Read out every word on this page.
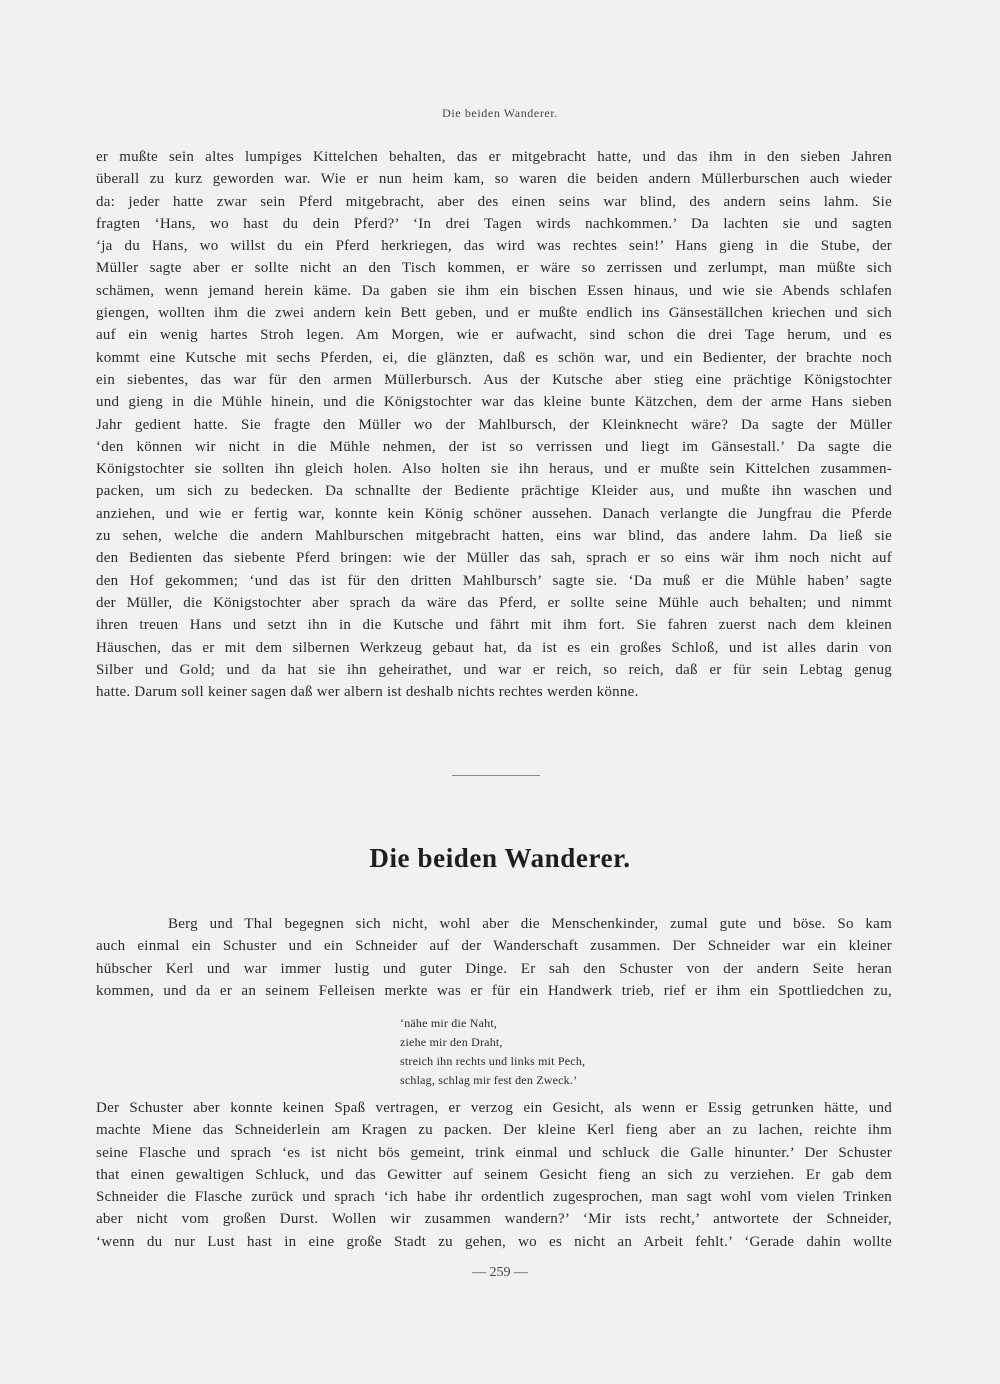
Die beiden Wanderer.
er mußte sein altes lumpiges Kittelchen behalten, das er mitgebracht hatte, und das ihm in den sieben Jahren
überall zu kurz geworden war. Wie er nun heim kam, so waren die beiden andern Müllerburschen auch wieder
da: jeder hatte zwar sein Pferd mitgebracht, aber des einen seins war blind, des andern seins lahm. Sie
fragten ‘Hans, wo hast du dein Pferd?’ ‘In drei Tagen wirds nachkommen.’ Da lachten sie und sagten
‘ja du Hans, wo willst du ein Pferd herkriegen, das wird was rechtes sein!’ Hans gieng in die Stube, der
Müller sagte aber er sollte nicht an den Tisch kommen, er wäre so zerrissen und zerlumpt, man müßte sich
schämen, wenn jemand herein käme. Da gaben sie ihm ein bischen Essen hinaus, und wie sie Abends schlafen
giengen, wollten ihm die zwei andern kein Bett geben, und er mußte endlich ins Gänseställchen kriechen und sich
auf ein wenig hartes Stroh legen. Am Morgen, wie er aufwacht, sind schon die drei Tage herum, und es
kommt eine Kutsche mit sechs Pferden, ei, die glänzten, daß es schön war, und ein Bedienter, der brachte noch
ein siebentes, das war für den armen Müllerbursch. Aus der Kutsche aber stieg eine prächtige Königstochter
und gieng in die Mühle hinein, und die Königstochter war das kleine bunte Kätzchen, dem der arme Hans sieben
Jahr gedient hatte. Sie fragte den Müller wo der Mahlbursch, der Kleinknecht wäre? Da sagte der Müller
‘den können wir nicht in die Mühle nehmen, der ist so verrissen und liegt im Gänsestall.’ Da sagte die
Königstochter sie sollten ihn gleich holen. Also holten sie ihn heraus, und er mußte sein Kittelchen zusammen-
packen, um sich zu bedecken. Da schnallte der Bediente prächtige Kleider aus, und mußte ihn waschen und
anziehen, und wie er fertig war, konnte kein König schöner aussehen. Danach verlangte die Jungfrau die Pferde
zu sehen, welche die andern Mahlburschen mitgebracht hatten, eins war blind, das andere lahm. Da ließ sie
den Bedienten das siebente Pferd bringen: wie der Müller das sah, sprach er so eins wär ihm noch nicht auf
den Hof gekommen; ‘und das ist für den dritten Mahlbursch’ sagte sie. ‘Da muß er die Mühle haben’ sagte
der Müller, die Königstochter aber sprach da wäre das Pferd, er sollte seine Mühle auch behalten; und nimmt
ihren treuen Hans und setzt ihn in die Kutsche und fährt mit ihm fort. Sie fahren zuerst nach dem kleinen
Häuschen, das er mit dem silbernen Werkzeug gebaut hat, da ist es ein großes Schloß, und ist alles darin von
Silber und Gold; und da hat sie ihn geheirathet, und war er reich, so reich, daß er für sein Lebtag genug
hatte. Darum soll keiner sagen daß wer albern ist deshalb nichts rechtes werden könne.
Die beiden Wanderer.
Berg und Thal begegnen sich nicht, wohl aber die Menschenkinder, zumal gute und böse. So kam
auch einmal ein Schuster und ein Schneider auf der Wanderschaft zusammen. Der Schneider war ein kleiner
hübscher Kerl und war immer lustig und guter Dinge. Er sah den Schuster von der andern Seite heran
kommen, und da er an seinem Felleisen merkte was er für ein Handwerk trieb, rief er ihm ein Spottliedchen zu,
‘nähe mir die Naht,
ziehe mir den Draht,
streich ihn rechts und links mit Pech,
schlag, schlag mir fest den Zweck.’
Der Schuster aber konnte keinen Spaß vertragen, er verzog ein Gesicht, als wenn er Essig getrunken hätte, und
machte Miene das Schneiderlein am Kragen zu packen. Der kleine Kerl fieng aber an zu lachen, reichte ihm
seine Flasche und sprach ‘es ist nicht bös gemeint, trink einmal und schluck die Galle hinunter.’ Der Schuster
that einen gewaltigen Schluck, und das Gewitter auf seinem Gesicht fieng an sich zu verziehen. Er gab dem
Schneider die Flasche zurück und sprach ‘ich habe ihr ordentlich zugesprochen, man sagt wohl vom vielen Trinken
aber nicht vom großen Durst. Wollen wir zusammen wandern?’ ‘Mir ists recht,’ antwortete der Schneider,
‘wenn du nur Lust hast in eine große Stadt zu gehen, wo es nicht an Arbeit fehlt.’ ‘Gerade dahin wollte
— 259 —
